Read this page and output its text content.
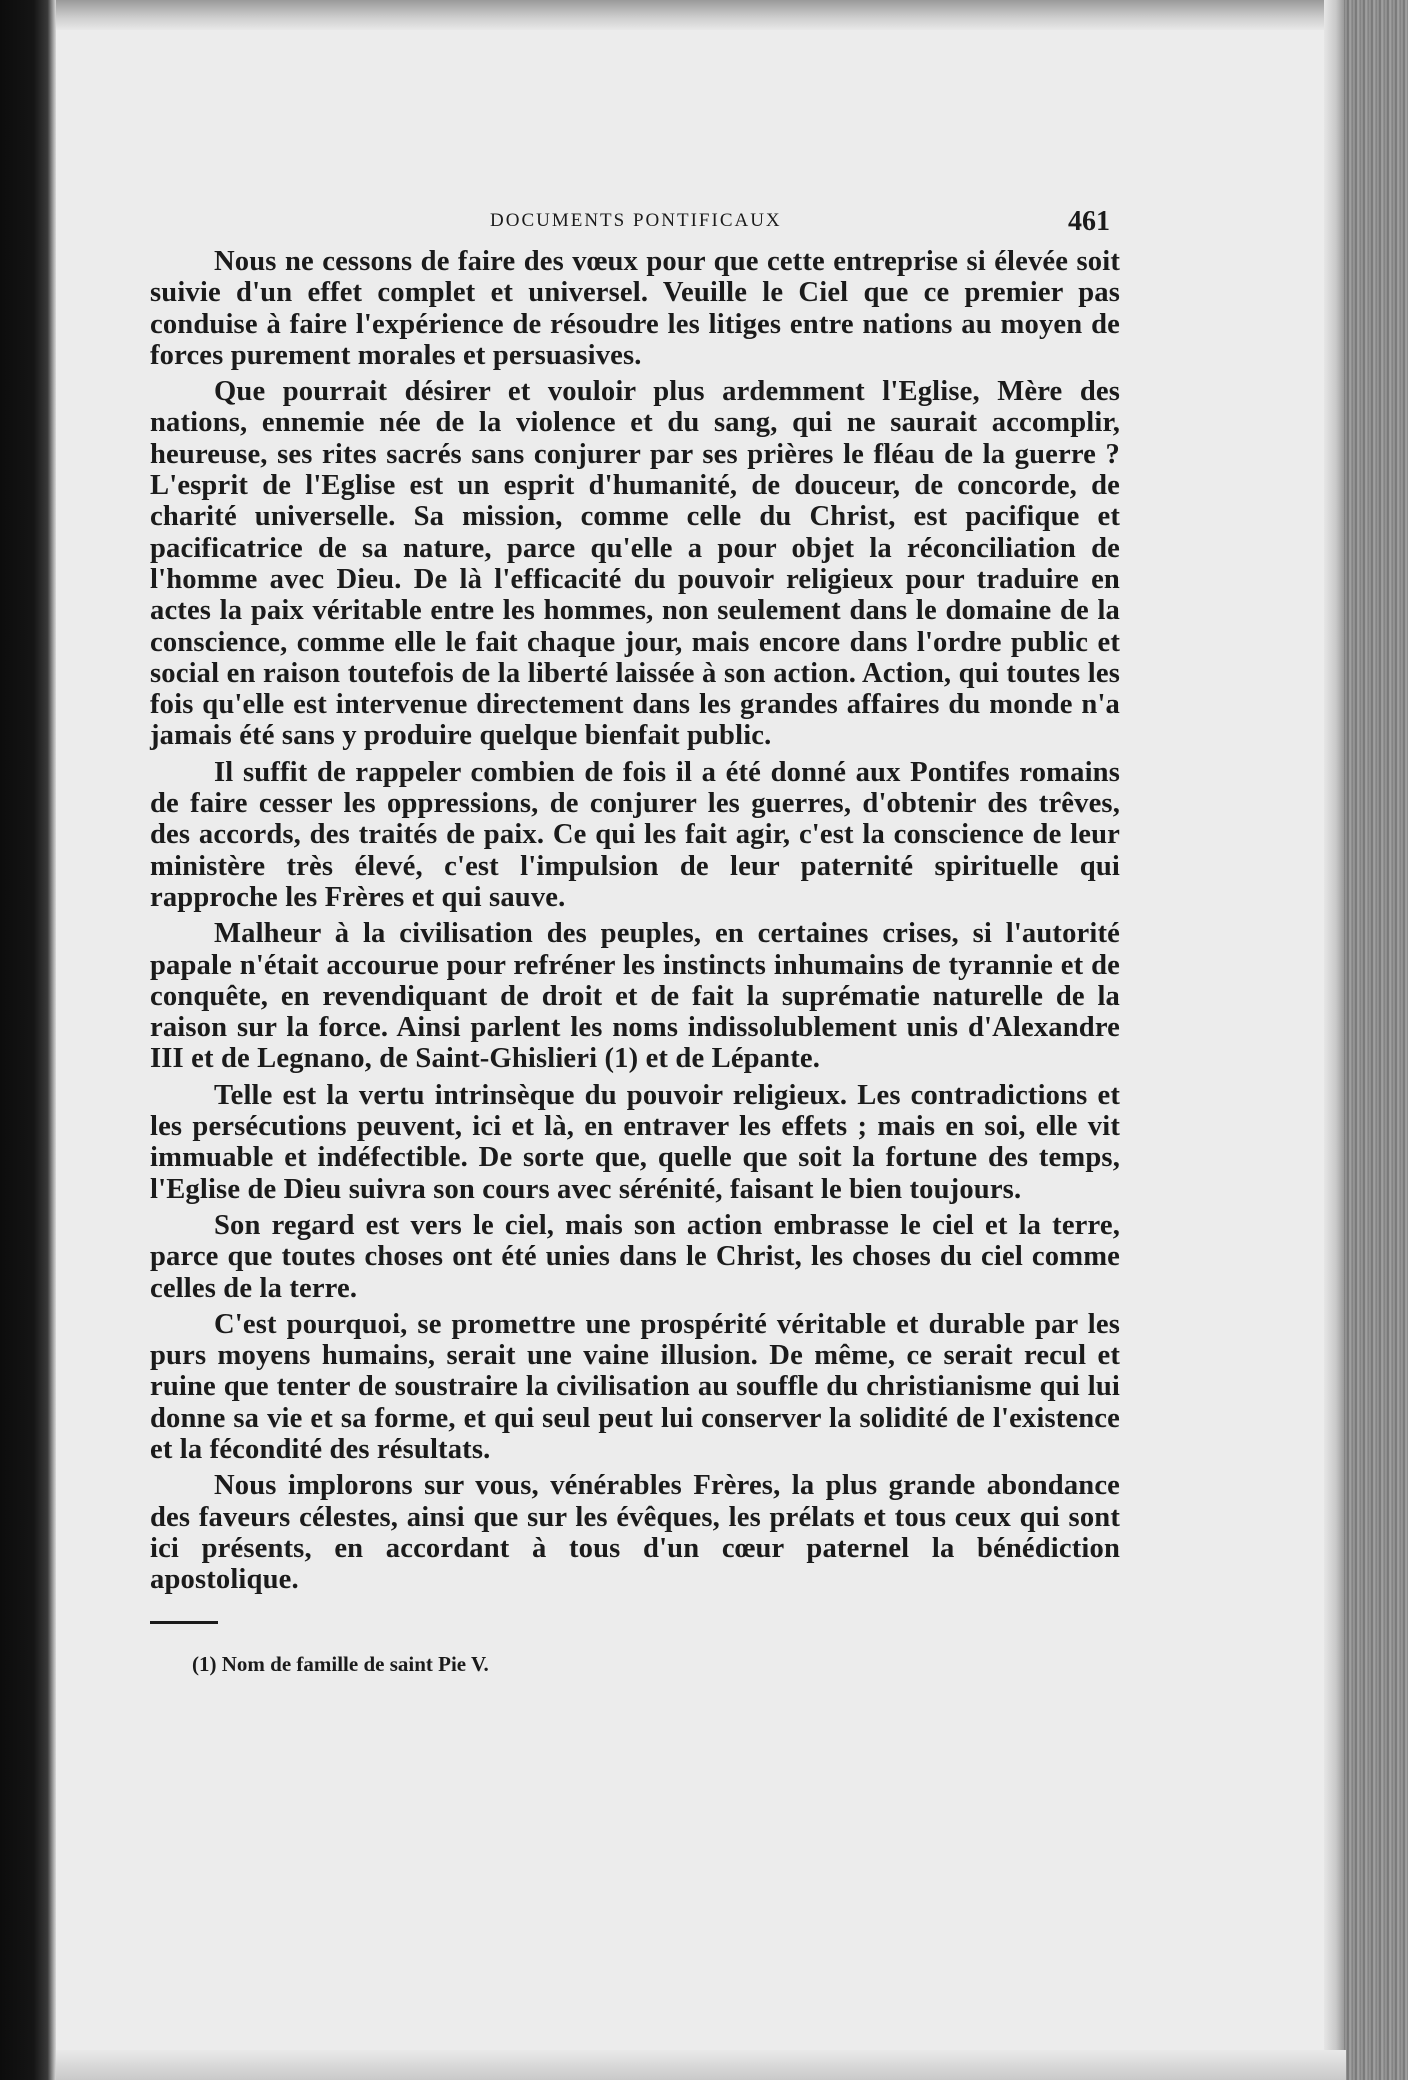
DOCUMENTS PONTIFICAUX	461

Nous ne cessons de faire des vœux pour que cette entreprise si élevée soit suivie d'un effet complet et universel. Veuille le Ciel que ce premier pas conduise à faire l'expérience de résoudre les litiges entre nations au moyen de forces purement morales et persuasives.

Que pourrait désirer et vouloir plus ardemment l'Eglise, Mère des nations, ennemie née de la violence et du sang, qui ne saurait accomplir, heureuse, ses rites sacrés sans conjurer par ses prières le fléau de la guerre ? L'esprit de l'Eglise est un esprit d'humanité, de douceur, de concorde, de charité universelle. Sa mission, comme celle du Christ, est pacifique et pacificatrice de sa nature, parce qu'elle a pour objet la réconciliation de l'homme avec Dieu. De là l'efficacité du pouvoir religieux pour traduire en actes la paix véritable entre les hommes, non seulement dans le domaine de la conscience, comme elle le fait chaque jour, mais encore dans l'ordre public et social en raison toutefois de la liberté laissée à son action. Action, qui toutes les fois qu'elle est intervenue directement dans les grandes affaires du monde n'a jamais été sans y produire quelque bienfait public.

Il suffit de rappeler combien de fois il a été donné aux Pontifes romains de faire cesser les oppressions, de conjurer les guerres, d'obtenir des trêves, des accords, des traités de paix. Ce qui les fait agir, c'est la conscience de leur ministère très élevé, c'est l'impulsion de leur paternité spirituelle qui rapproche les Frères et qui sauve.

Malheur à la civilisation des peuples, en certaines crises, si l'autorité papale n'était accourue pour refréner les instincts inhumains de tyrannie et de conquête, en revendiquant de droit et de fait la suprématie naturelle de la raison sur la force. Ainsi parlent les noms indissolublement unis d'Alexandre III et de Legnano, de Saint-Ghislieri (1) et de Lépante.

Telle est la vertu intrinsèque du pouvoir religieux. Les contradictions et les persécutions peuvent, ici et là, en entraver les effets ; mais en soi, elle vit immuable et indéfectible. De sorte que, quelle que soit la fortune des temps, l'Eglise de Dieu suivra son cours avec sérénité, faisant le bien toujours.

Son regard est vers le ciel, mais son action embrasse le ciel et la terre, parce que toutes choses ont été unies dans le Christ, les choses du ciel comme celles de la terre.

C'est pourquoi, se promettre une prospérité véritable et durable par les purs moyens humains, serait une vaine illusion. De même, ce serait recul et ruine que tenter de soustraire la civilisation au souffle du christianisme qui lui donne sa vie et sa forme, et qui seul peut lui conserver la solidité de l'existence et la fécondité des résultats.

Nous implorons sur vous, vénérables Frères, la plus grande abondance des faveurs célestes, ainsi que sur les évêques, les prélats et tous ceux qui sont ici présents, en accordant à tous d'un cœur paternel la bénédiction apostolique.

(1) Nom de famille de saint Pie V.
